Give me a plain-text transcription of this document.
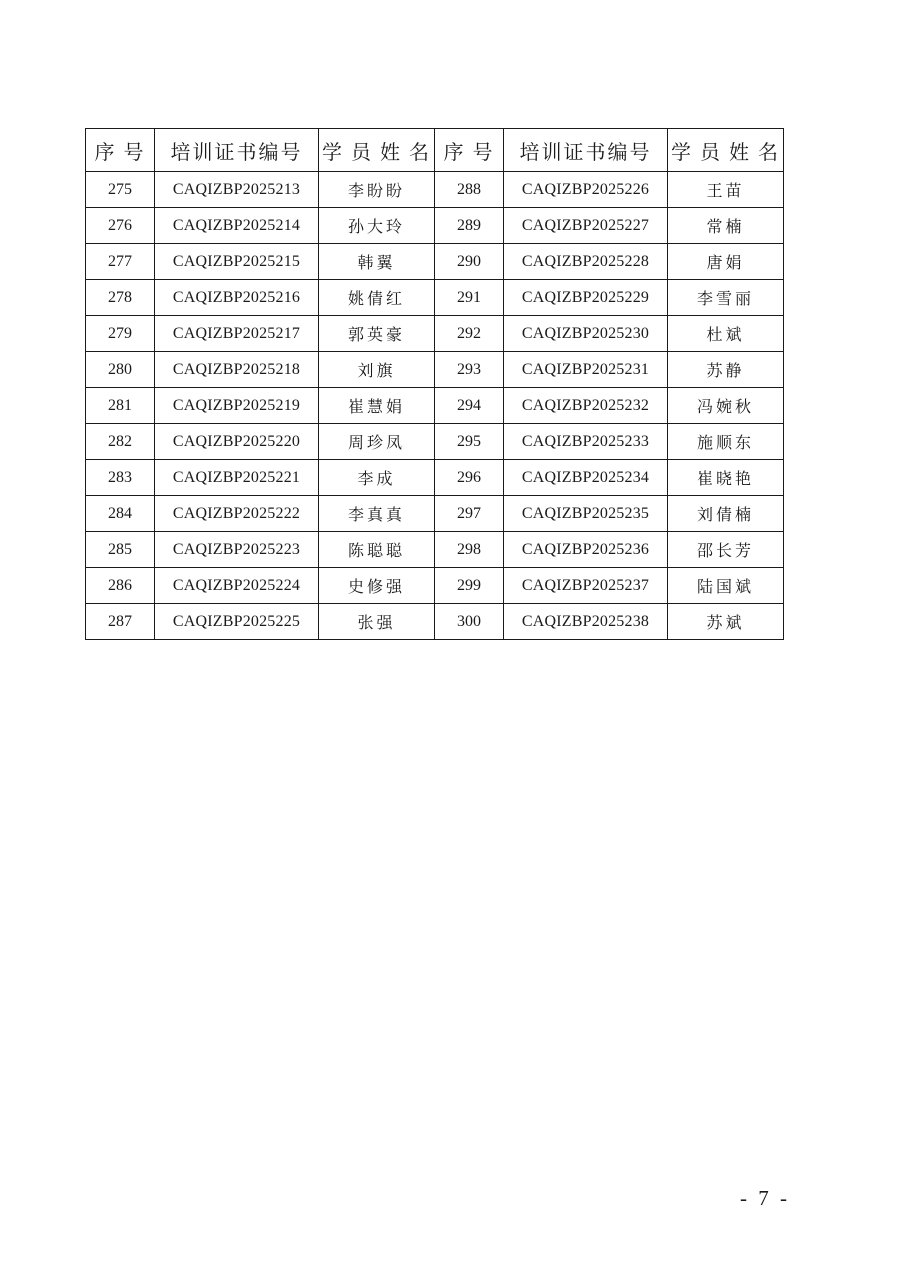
序 号	培训证书编号	学 员 姓 名	序 号	培训证书编号	学 员 姓 名
275	CAQIZBP2025213	李盼盼	288	CAQIZBP2025226	王苗
276	CAQIZBP2025214	孙大玲	289	CAQIZBP2025227	常楠
277	CAQIZBP2025215	韩翼	290	CAQIZBP2025228	唐娟
278	CAQIZBP2025216	姚倩红	291	CAQIZBP2025229	李雪丽
279	CAQIZBP2025217	郭英豪	292	CAQIZBP2025230	杜斌
280	CAQIZBP2025218	刘旗	293	CAQIZBP2025231	苏静
281	CAQIZBP2025219	崔慧娟	294	CAQIZBP2025232	冯婉秋
282	CAQIZBP2025220	周珍凤	295	CAQIZBP2025233	施顺东
283	CAQIZBP2025221	李成	296	CAQIZBP2025234	崔晓艳
284	CAQIZBP2025222	李真真	297	CAQIZBP2025235	刘倩楠
285	CAQIZBP2025223	陈聪聪	298	CAQIZBP2025236	邵长芳
286	CAQIZBP2025224	史修强	299	CAQIZBP2025237	陆国斌
287	CAQIZBP2025225	张强	300	CAQIZBP2025238	苏斌
- 7 -
